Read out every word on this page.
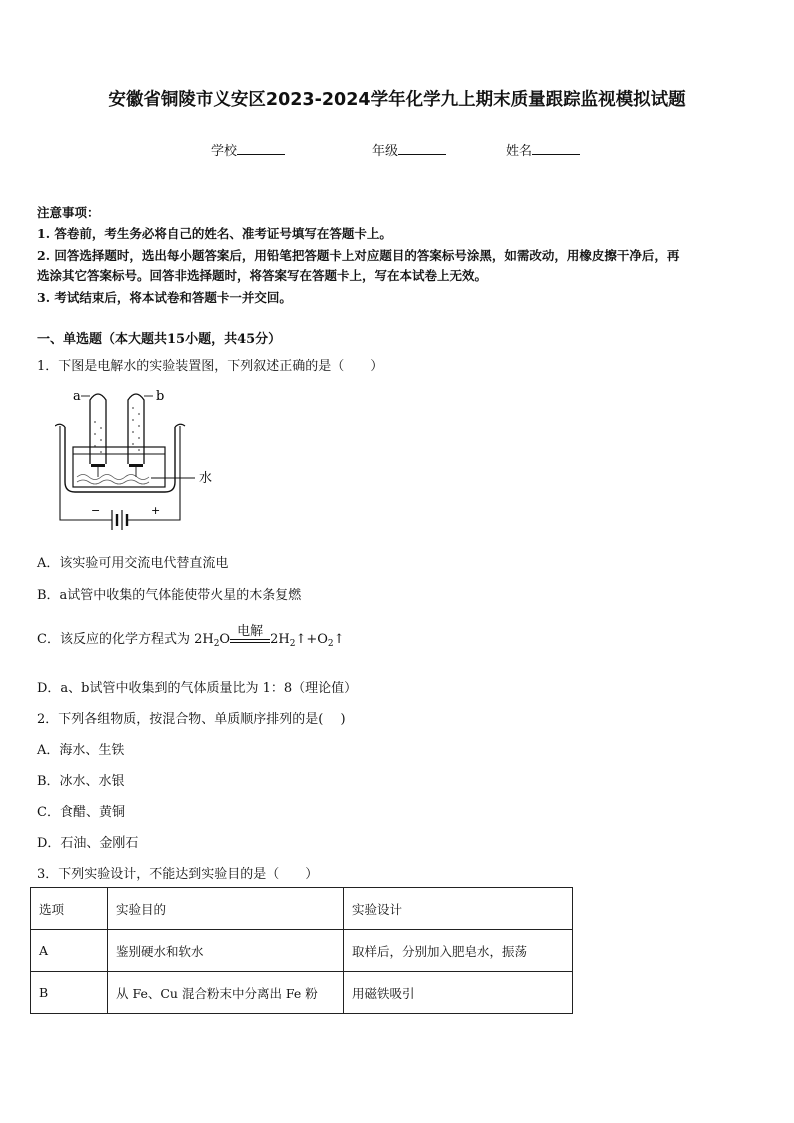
安徽省铜陵市义安区2023-2024学年化学九上期末质量跟踪监视模拟试题
学校	年级	姓名
注意事项：
1. 答卷前，考生务必将自己的姓名、准考证号填写在答题卡上。
2. 回答选择题时，选出每小题答案后，用铅笔把答题卡上对应题目的答案标号涂黑，如需改动，用橡皮擦干净后，再
选涂其它答案标号。回答非选择题时，将答案写在答题卡上，写在本试卷上无效。
3. 考试结束后，将本试卷和答题卡一并交回。
一、单选题（本大题共15小题，共45分）
1．下图是电解水的实验装置图，下列叙述正确的是（　　）
a	b
水
−	+
A．该实验可用交流电代替直流电
B．a试管中收集的气体能使带火星的木条复燃
C．该反应的化学方程式为 $2H_2O$
电解
$2H_2↑+O_2↑$
D．a、b试管中收集到的气体质量比为 1：8（理论值）
2．下列各组物质，按混合物、单质顺序排列的是(　 )
A．海水、生铁
B．冰水、水银
C．食醋、黄铜
D．石油、金刚石
3．下列实验设计，不能达到实验目的是（　　）
选项	实验目的	实验设计
A	鉴别硬水和软水	取样后，分别加入肥皂水，振荡
B	从 Fe、Cu 混合粉末中分离出 Fe 粉	用磁铁吸引
